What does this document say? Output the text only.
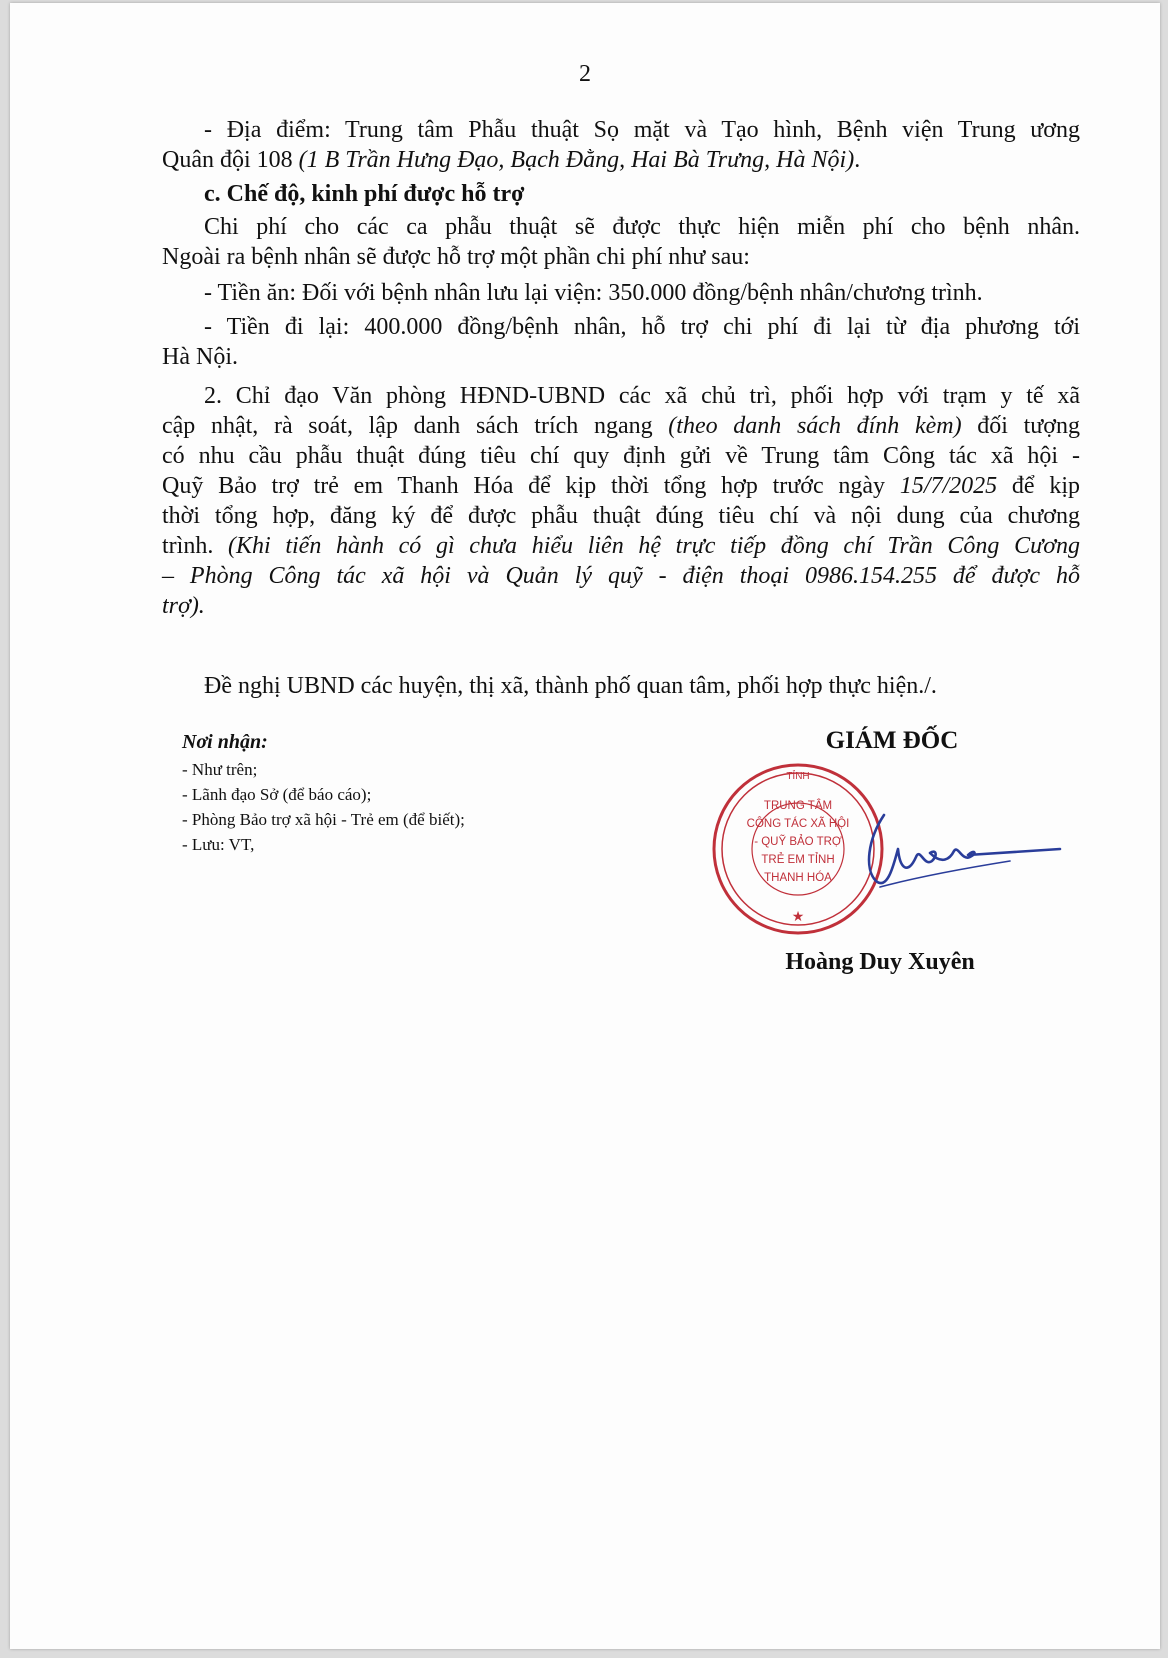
2
- Địa điểm: Trung tâm Phẫu thuật Sọ mặt và Tạo hình, Bệnh viện Trung ương
Quân đội 108 (1 B Trần Hưng Đạo, Bạch Đằng, Hai Bà Trưng, Hà Nội).
c. Chế độ, kinh phí được hỗ trợ
Chi phí cho các ca phẫu thuật sẽ được thực hiện miễn phí cho bệnh nhân.
Ngoài ra bệnh nhân sẽ được hỗ trợ một phần chi phí như sau:
- Tiền ăn: Đối với bệnh nhân lưu lại viện: 350.000 đồng/bệnh nhân/chương trình.
- Tiền đi lại: 400.000 đồng/bệnh nhân, hỗ trợ chi phí đi lại từ địa phương tới
Hà Nội.
2. Chỉ đạo Văn phòng HĐND-UBND các xã chủ trì, phối hợp với trạm y tế xã
cập nhật, rà soát, lập danh sách trích ngang (theo danh sách đính kèm) đối tượng
có nhu cầu phẫu thuật đúng tiêu chí quy định gửi về Trung tâm Công tác xã hội -
Quỹ Bảo trợ trẻ em Thanh Hóa để kịp thời tổng hợp trước ngày 15/7/2025 để kịp
thời tổng hợp, đăng ký để được phẫu thuật đúng tiêu chí và nội dung của chương
trình. (Khi tiến hành có gì chưa hiểu liên hệ trực tiếp đồng chí Trần Công Cương
– Phòng Công tác xã hội và Quản lý quỹ - điện thoại 0986.154.255 để được hỗ
trợ).
Đề nghị UBND các huyện, thị xã, thành phố quan tâm, phối hợp thực hiện./.
Nơi nhận:
- Như trên;
- Lãnh đạo Sở (để báo cáo);
- Phòng Bảo trợ xã hội - Trẻ em (để biết);
- Lưu: VT,
GIÁM ĐỐC
TỈNH
TRUNG TÂM
CÔNG TÁC XÃ HỘI
- QUỸ BẢO TRỢ
TRẺ EM TỈNH
THANH HÓA
★
Hoàng Duy Xuyên
